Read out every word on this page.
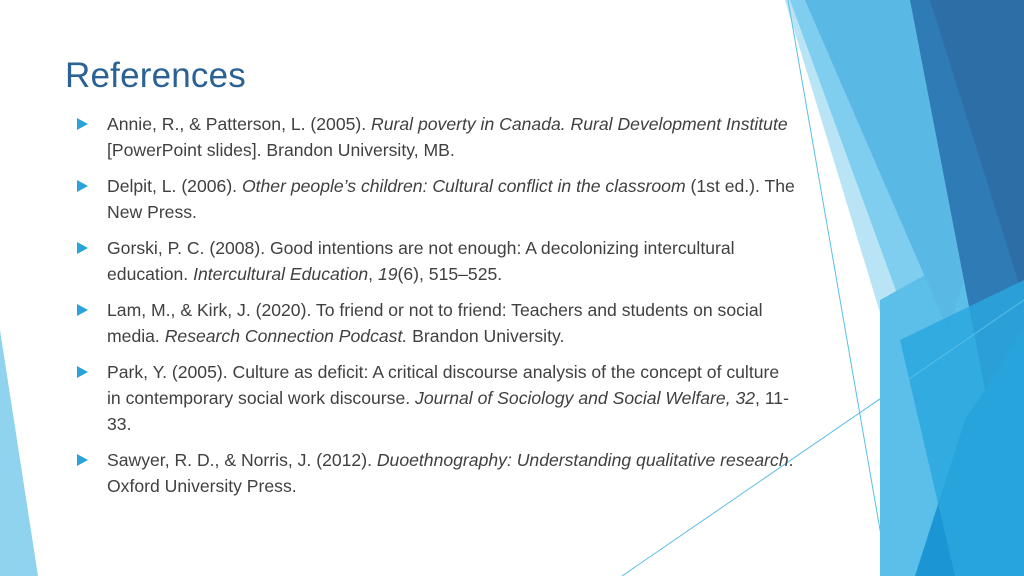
References
Annie, R., & Patterson, L. (2005). Rural poverty in Canada. Rural Development Institute [PowerPoint slides]. Brandon University, MB.
Delpit, L. (2006). Other people’s children: Cultural conflict in the classroom (1st ed.). The New Press.
Gorski, P. C. (2008). Good intentions are not enough: A decolonizing intercultural education. Intercultural Education, 19(6), 515–525.
Lam, M., & Kirk, J. (2020). To friend or not to friend: Teachers and students on social media. Research Connection Podcast. Brandon University.
Park, Y. (2005). Culture as deficit: A critical discourse analysis of the concept of culture in contemporary social work discourse. Journal of Sociology and Social Welfare, 32, 11-33.
Sawyer, R. D., & Norris, J. (2012). Duoethnography: Understanding qualitative research. Oxford University Press.
